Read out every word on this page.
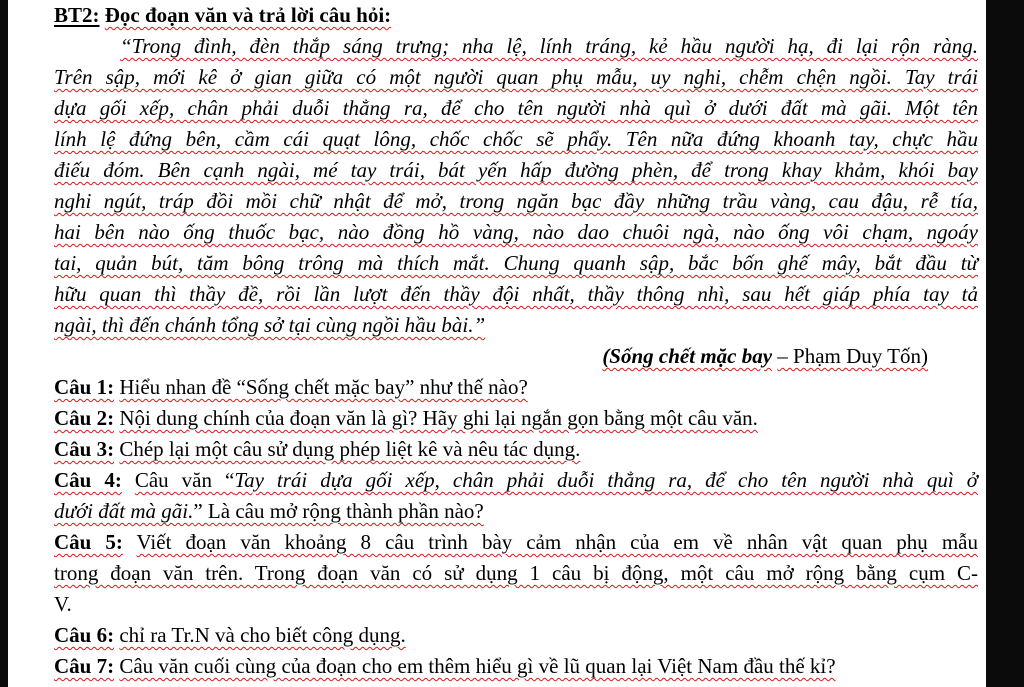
BT2: Đọc đoạn văn và trả lời câu hỏi:
“Trong đình, đèn thắp sáng trưng; nha lệ, lính tráng, kẻ hầu người hạ, đi lại rộn ràng.
Trên sập, mới kê ở gian giữa có một người quan phụ mẫu, uy nghi, chễm chện ngồi. Tay trái
dựa gối xếp, chân phải duỗi thẳng ra, để cho tên người nhà quì ở dưới đất mà gãi. Một tên
lính lệ đứng bên, cầm cái quạt lông, chốc chốc sẽ phẩy. Tên nữa đứng khoanh tay, chực hầu
điếu đóm. Bên cạnh ngài, mé tay trái, bát yến hấp đường phèn, để trong khay khảm, khói bay
nghi ngút, tráp đồi mồi chữ nhật để mở, trong ngăn bạc đầy những trầu vàng, cau đậu, rễ tía,
hai bên nào ống thuốc bạc, nào đồng hồ vàng, nào dao chuôi ngà, nào ống vôi chạm, ngoáy
tai, quản bút, tăm bông trông mà thích mắt. Chung quanh sập, bắc bốn ghế mây, bắt đầu từ
hữu quan thì thầy đề, rồi lần lượt đến thầy đội nhất, thầy thông nhì, sau hết giáp phía tay tả
ngài, thì đến chánh tổng sở tại cùng ngồi hầu bài.”
(Sống chết mặc bay – Phạm Duy Tốn)
Câu 1: Hiểu nhan đề “Sống chết mặc bay” như thế nào?
Câu 2: Nội dung chính của đoạn văn là gì? Hãy ghi lại ngắn gọn bằng một câu văn.
Câu 3: Chép lại một câu sử dụng phép liệt kê và nêu tác dụng.
Câu 4: Câu văn “Tay trái dựa gối xếp, chân phải duỗi thẳng ra, để cho tên người nhà quì ở
dưới đất mà gãi.” Là câu mở rộng thành phần nào?
Câu 5: Viết đoạn văn khoảng 8 câu trình bày cảm nhận của em về nhân vật quan phụ mẫu
trong đoạn văn trên. Trong đoạn văn có sử dụng 1 câu bị động, một câu mở rộng bằng cụm C-
V.
Câu 6: chỉ ra Tr.N và cho biết công dụng.
Câu 7: Câu văn cuối cùng của đoạn cho em thêm hiểu gì về lũ quan lại Việt Nam đầu thế kỉ?
